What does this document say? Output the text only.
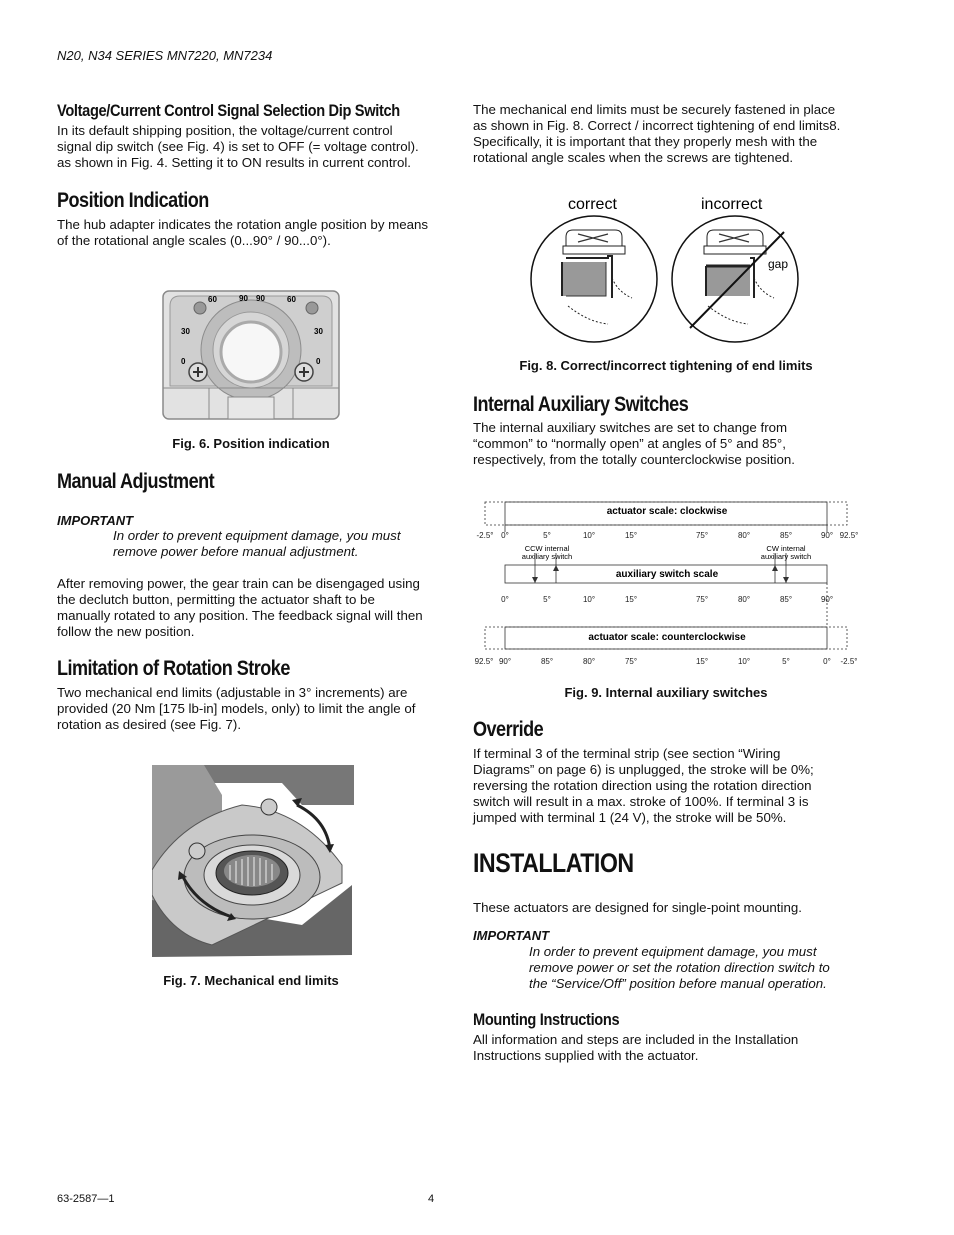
N20, N34 SERIES MN7220, MN7234
Voltage/Current Control Signal Selection Dip Switch
In its default shipping position, the voltage/current control
signal dip switch (see Fig. 4) is set to OFF (= voltage control).
as shown in Fig. 4. Setting it to ON results in current control.
Position Indication
The hub adapter indicates the rotation angle position by means
of the rotational angle scales (0...90° / 90...0°).
60	90 90	60
30	30
0	0
Fig. 6. Position indication
Manual Adjustment
IMPORTANT
In order to prevent equipment damage, you must
remove power before manual adjustment.
After removing power, the gear train can be disengaged using
the declutch button, permitting the actuator shaft to be
manually rotated to any position. The feedback signal will then
follow the new position.
Limitation of Rotation Stroke
Two mechanical end limits (adjustable in 3° increments) are
provided (20 Nm [175 lb-in] models, only) to limit the angle of
rotation as desired (see Fig. 7).
Fig. 7. Mechanical end limits
The mechanical end limits must be securely fastened in place
as shown in Fig. 8. Correct / incorrect tightening of end limits8.
Specifically, it is important that they properly mesh with the
rotational angle scales when the screws are tightened.
correct	incorrect
gap
Fig. 8. Correct/incorrect tightening of end limits
Internal Auxiliary Switches
The internal auxiliary switches are set to change from
“common” to “normally open” at angles of 5° and 85°,
respectively, from the totally counterclockwise position.
actuator scale: clockwise
auxiliary switch scale
actuator scale: counterclockwise
CCW internal
auxiliary switch
CW internal
auxiliary switch
-2.5° 0°	5°	10°	15°	75°	80°	85°	90° 92.5°
0°	5°	10°	15°	75°	80°	85°	90°
92.5° 90°	85°	80°	75°	15°	10°	5°	0° -2.5°
Fig. 9. Internal auxiliary switches
Override
If terminal 3 of the terminal strip (see section “Wiring
Diagrams” on page 6) is unplugged, the stroke will be 0%;
reversing the rotation direction using the rotation direction
switch will result in a max. stroke of 100%. If terminal 3 is
jumped with terminal 1 (24 V), the stroke will be 50%.
INSTALLATION
These actuators are designed for single-point mounting.
IMPORTANT
In order to prevent equipment damage, you must
remove power or set the rotation direction switch to
the “Service/Off” position before manual operation.
Mounting Instructions
All information and steps are included in the Installation
Instructions supplied with the actuator.
63-2587—1	4
